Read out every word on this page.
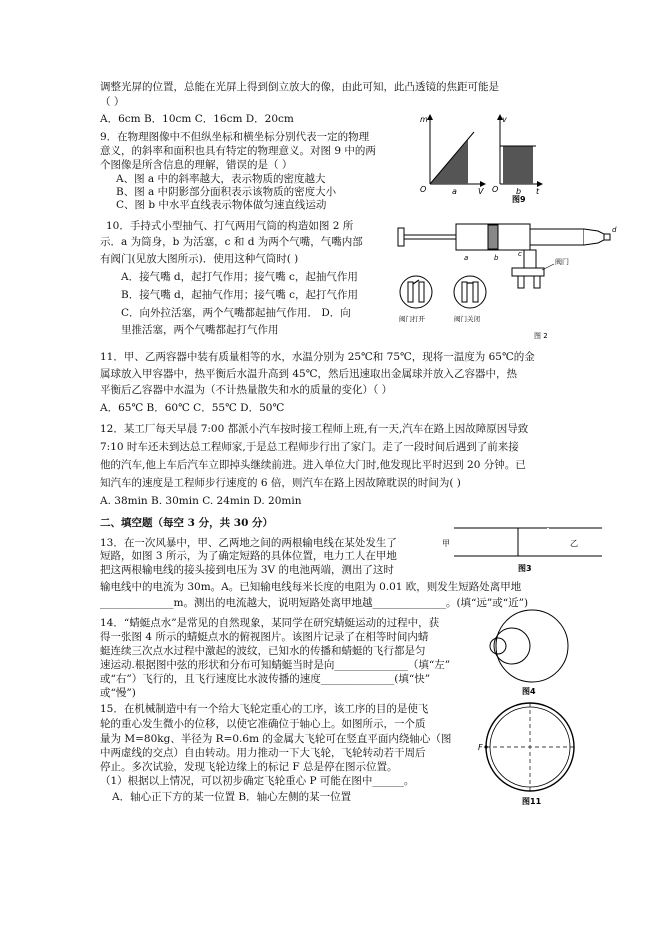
调整光屏的位置，总能在光屏上得到倒立放大的像，由此可知，此凸透镜的焦距可能是
（ ）
A．6cm B．10cm C．16cm D．20cm
9．在物理图像中不但纵坐标和横坐标分别代表一定的物理
意义，的斜率和面积也具有特定的物理意义。对图 9 中的两
个图像是所含信息的理解，错误的是（ ）
A、图 a 中的斜率越大，表示物质的密度越大
B、图 a 中阴影部分面积表示该物质的密度大小
C、图 b 中水平直线表示物体做匀速直线运动
m
O	a	V
v
O b t
图9
10．手持式小型抽气、打气两用气筒的构造如图 2 所
示．a 为筒身，b 为活塞，c 和 d 为两个气嘴，气嘴内部
有阀门(见放大图所示)．使用这种气筒时( )
A．接气嘴 d，起打气作用；接气嘴 c，起抽气作用
B．接气嘴 d，起抽气作用；接气嘴 c，起打气作用
C．向外拉活塞，两个气嘴都起抽气作用． D．向
里推活塞，两个气嘴都起打气作用
阀门
a	b	c
d
阀门打开	阀门关闭
图 2
11．甲、乙两容器中装有质量相等的水，水温分别为 25℃和 75℃，现将一温度为 65℃的金
属球放入甲容器中，热平衡后水温升高到 45℃，然后迅速取出金属球并放入乙容器中，热
平衡后乙容器中水温为（不计热量散失和水的质量的变化）（ ）
A．65℃ B．60℃ C．55℃ D．50℃
12．某工厂每天早晨 7:00 都派小汽车按时接工程师上班,有一天,汽车在路上因故障原因导致
7:10 时车还未到达总工程师家,于是总工程师步行出了家门。走了一段时间后遇到了前来接
他的汽车,他上车后汽车立即掉头继续前进。进入单位大门时,他发现比平时迟到 20 分钟。已
知汽车的速度是工程师步行速度的 6 倍，则汽车在路上因故障耽误的时间为( )
A. 38min B. 30min C. 24min D. 20min
二、填空题（每空 3 分，共 30 分）
13．在一次风暴中，甲、乙两地之间的两根输电线在某处发生了
短路，如图 3 所示，为了确定短路的具体位置，电力工人在甲地
把这两根输电线的接头接到电压为 3V 的电池两端，测出了这时
输电线中的电流为 30m。A。已知输电线每米长度的电阻为 0.01 欧，则发生短路处离甲地
______________m。测出的电流越大，说明短路处离甲地越______________。(填“远”或“近”)
甲	乙
图3
14．“蜻蜓点水”是常见的自然现象，某同学在研究蜻蜓运动的过程中，获
得一张图 4 所示的蜻蜓点水的俯视图片。该图片记录了在相等时间内蜻
蜓连续三次点水过程中激起的波纹，已知水的传播和蜻蜓的飞行都是匀
速运动.根据图中弦的形状和分布可知蜻蜓当时是向______________（填“左”
或“右”）飞行的，且飞行速度比水波传播的速度______________(填“快”
或“慢”)	图4
15．在机械制造中有一个给大飞轮定重心的工序，该工序的目的是使飞
轮的重心发生微小的位移，以使它准确位于轴心上。如图所示，一个质
量为 M=80kg、半径为 R=0.6m 的金属大飞轮可在竖直平面内绕轴心（图
中两虚线的交点）自由转动。用力推动一下大飞轮，飞轮转动若干周后
停止。多次试验，发现飞轮边缘上的标记 F 总是停在图示位置。
（1）根据以上情况，可以初步确定飞轮重心 P 可能在图中______。
A．轴心正下方的某一位置 B．轴心左侧的某一位置
F
图11
